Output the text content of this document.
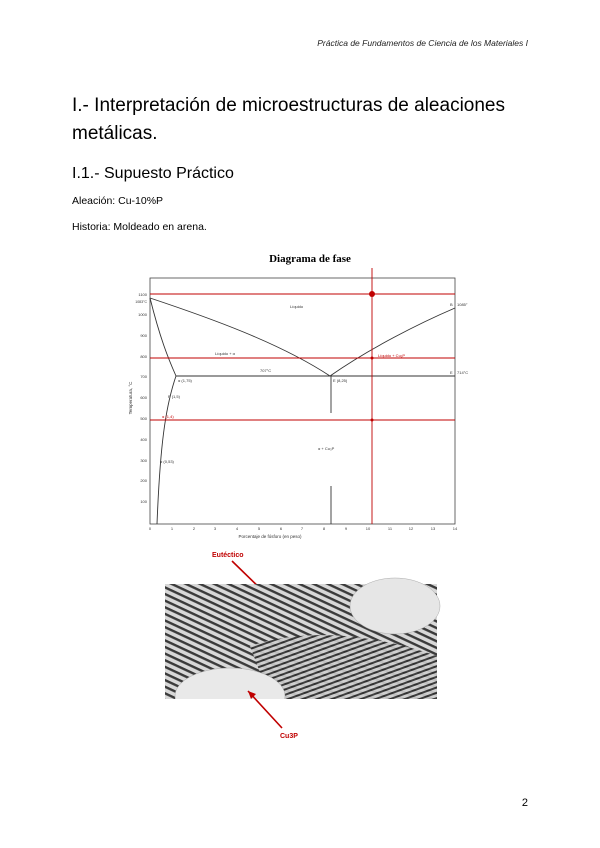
Práctica de Fundamentos de Ciencia de los Materiales I
I.- Interpretación de microestructuras de aleaciones metálicas.
I.1.- Supuesto Práctico
Aleación: Cu-10%P
Historia: Moldeado en arena.
Diagrama de fase
100
200
300
400
500
600
700
800
900
1000
1100
1083°C
Temperatura, °C
0	1	2	3	4	5	6	7	8	9	10	11	12	13	14
Porcentaje de fósforo (en peso)
Líquido
Líquido + α	Líquido + Cu₃P
α + Cu₃P
α (1,75)	E (8,25)
P (1,5)
α (1,4)
α (0,53)
707°C	714°C
1085°
B
E
Eutéctico
Cu3P
2
